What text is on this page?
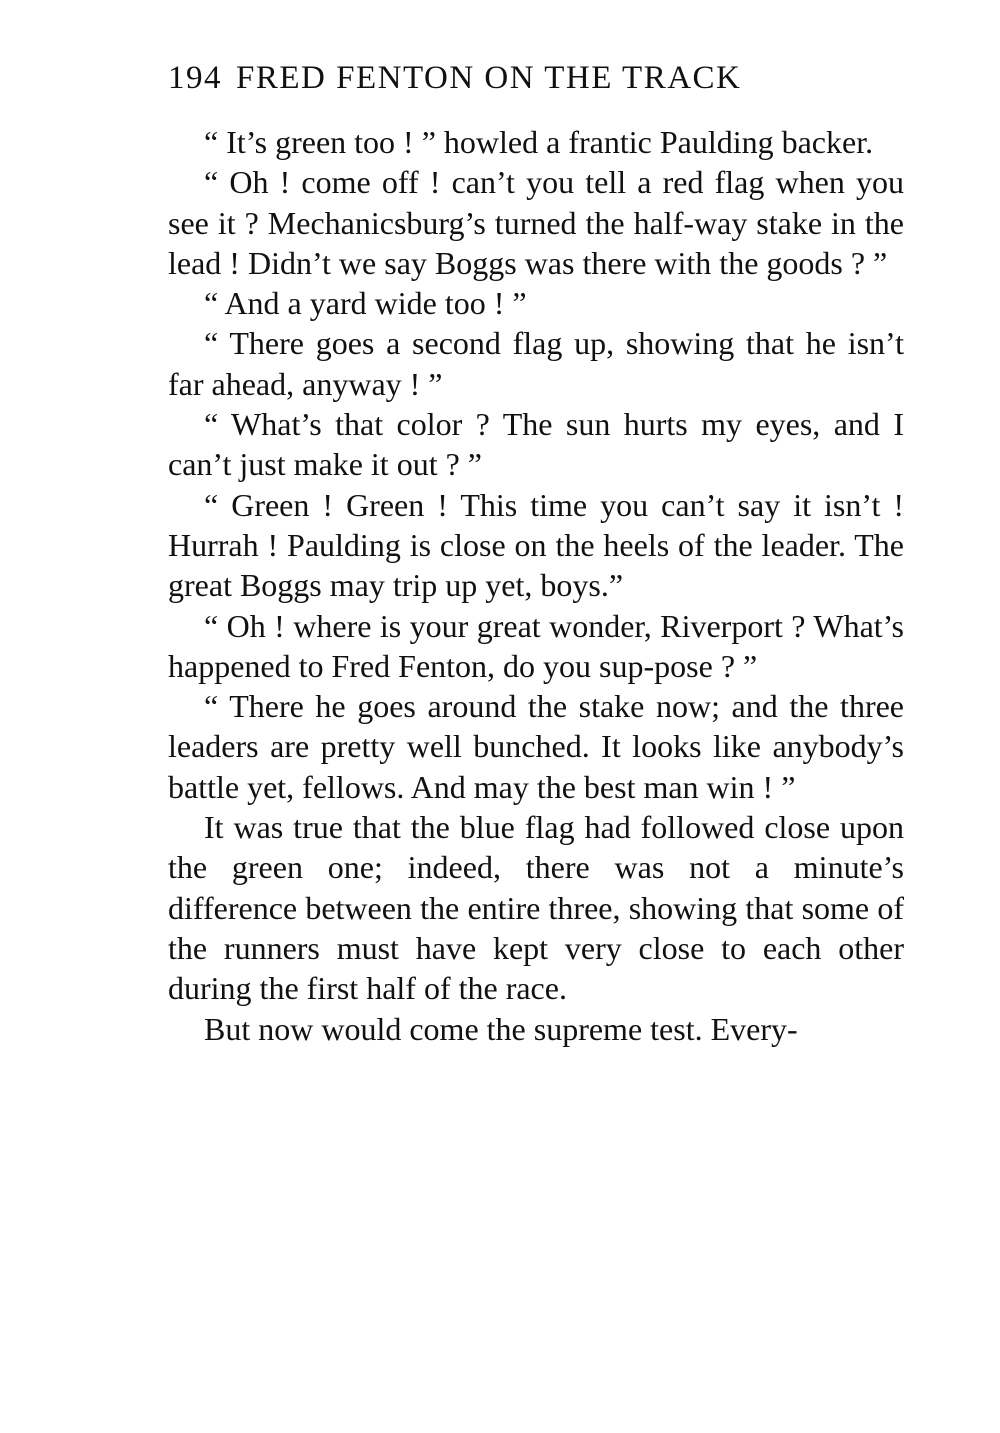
194 FRED FENTON ON THE TRACK

“ It’s green too ! ” howled a frantic Paulding backer.

“ Oh ! come off ! can’t you tell a red flag when you see it ? Mechanicsburg’s turned the half-way stake in the lead ! Didn’t we say Boggs was there with the goods ? ”

“ And a yard wide too ! ”

“ There goes a second flag up, showing that he isn’t far ahead, anyway ! ”

“ What’s that color ? The sun hurts my eyes, and I can’t just make it out ? ”

“ Green ! Green ! This time you can’t say it isn’t ! Hurrah ! Paulding is close on the heels of the leader. The great Boggs may trip up yet, boys.”

“ Oh ! where is your great wonder, Riverport ? What’s happened to Fred Fenton, do you sup-pose ? ”

“ There he goes around the stake now; and the three leaders are pretty well bunched. It looks like anybody’s battle yet, fellows. And may the best man win ! ”

It was true that the blue flag had followed close upon the green one; indeed, there was not a minute’s difference between the entire three, showing that some of the runners must have kept very close to each other during the first half of the race.

But now would come the supreme test. Every-
